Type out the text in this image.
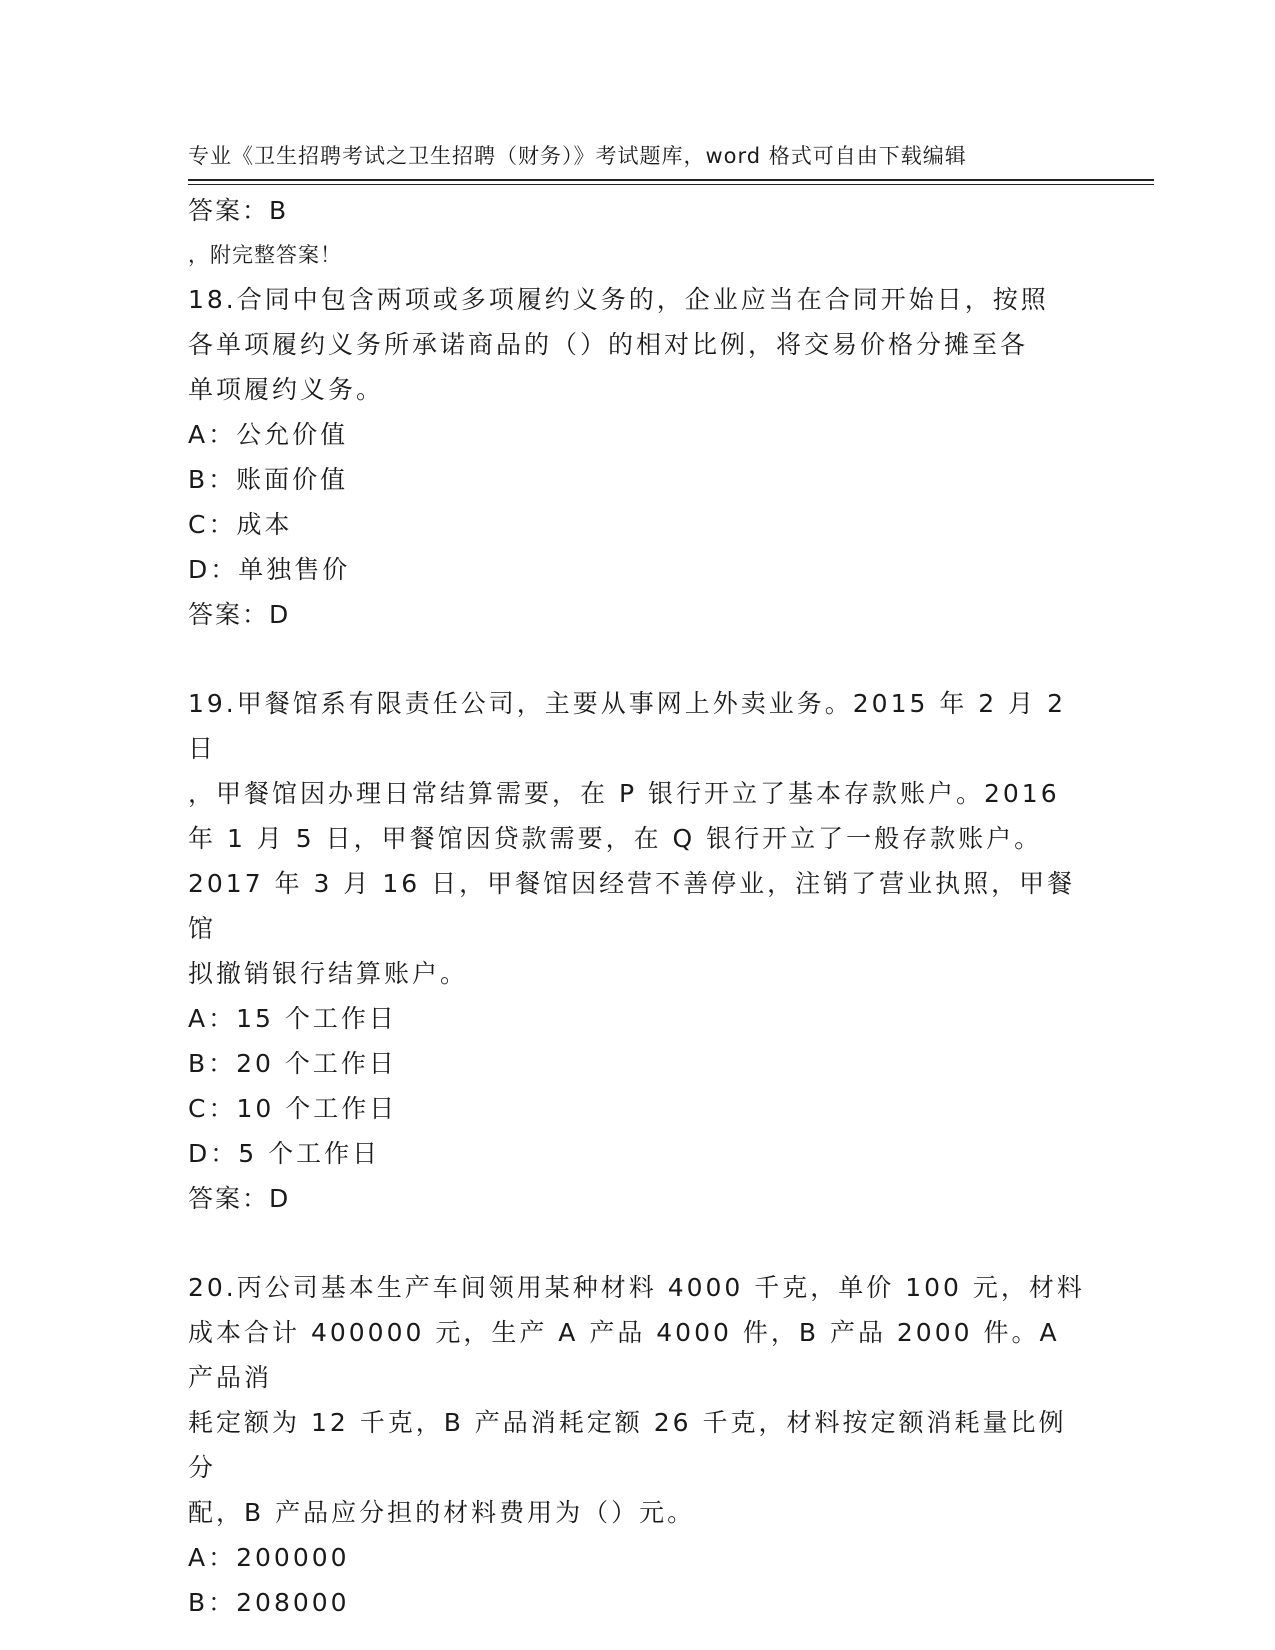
专业《卫生招聘考试之卫生招聘（财务）》考试题库，word 格式可自由下载编辑

，附完整答案！

答案：B
18.合同中包含两项或多项履约义务的，企业应当在合同开始日，按照
各单项履约义务所承诺商品的（）的相对比例，将交易价格分摊至各
单项履约义务。
A：公允价值
B：账面价值
C：成本
D：单独售价
答案：D
19.甲餐馆系有限责任公司，主要从事网上外卖业务。2015 年 2 月 2 日
，甲餐馆因办理日常结算需要，在 P 银行开立了基本存款账户。2016
年 1 月 5 日，甲餐馆因贷款需要，在 Q 银行开立了一般存款账户。
2017 年 3 月 16 日，甲餐馆因经营不善停业，注销了营业执照，甲餐馆
拟撤销银行结算账户。
A：15 个工作日
B：20 个工作日
C：10 个工作日
D：5 个工作日
答案：D
20.丙公司基本生产车间领用某种材料 4000 千克，单价 100 元，材料
成本合计 400000 元，生产 A 产品 4000 件，B 产品 2000 件。A 产品消
耗定额为 12 千克，B 产品消耗定额 26 千克，材料按定额消耗量比例分
配，B 产品应分担的材料费用为（）元。
A：200000
B：208000
